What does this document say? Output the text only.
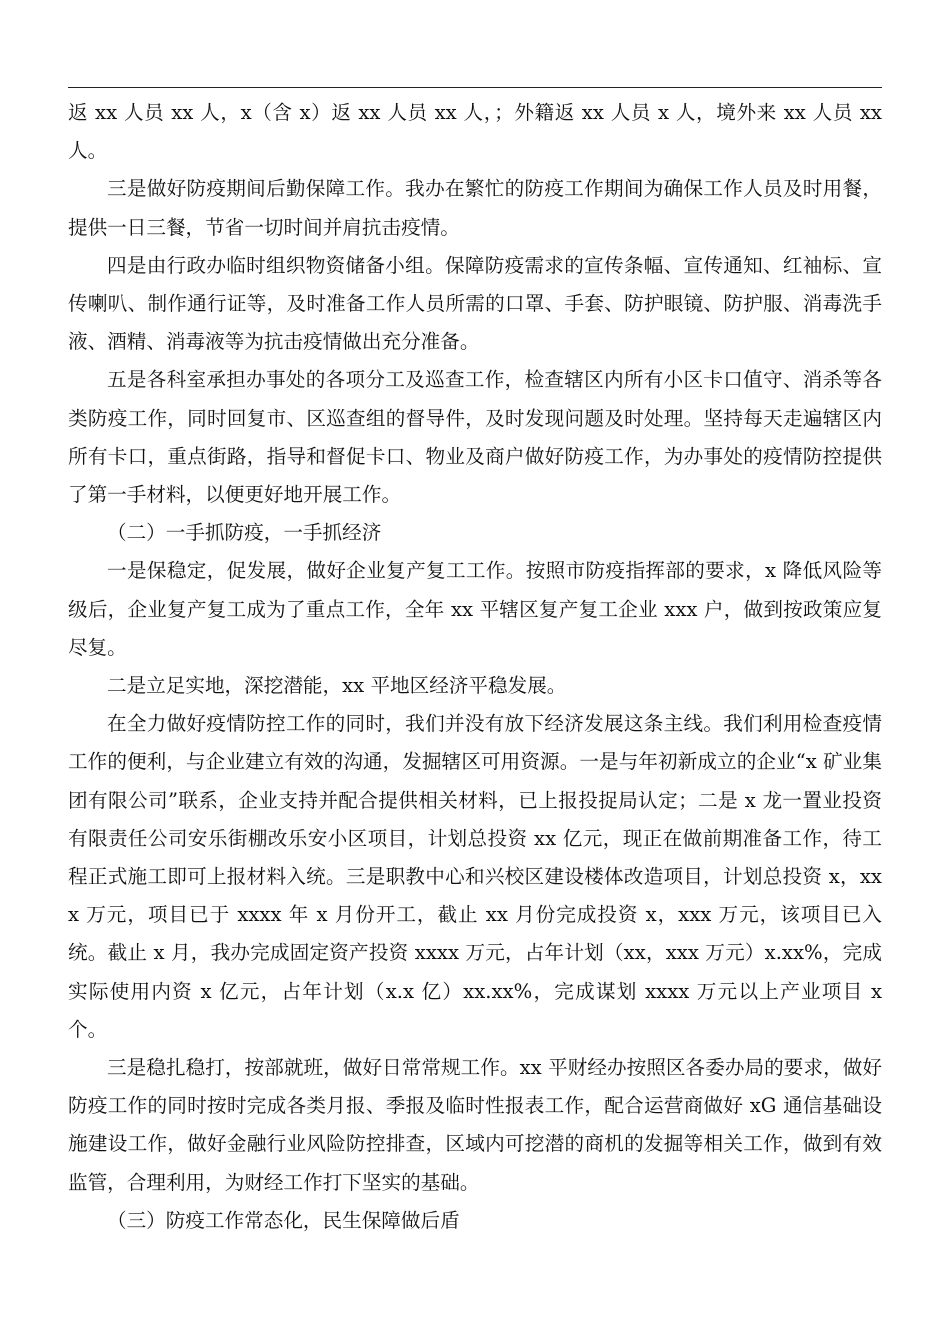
返 xx 人员 xx 人，x（含 x）返 xx 人员 xx 人，；外籍返 xx 人员 x 人，境外来 xx 人员 xx 人。

三是做好防疫期间后勤保障工作。我办在繁忙的防疫工作期间为确保工作人员及时用餐，提供一日三餐，节省一切时间并肩抗击疫情。

四是由行政办临时组织物资储备小组。保障防疫需求的宣传条幅、宣传通知、红袖标、宣传喇叭、制作通行证等，及时准备工作人员所需的口罩、手套、防护眼镜、防护服、消毒洗手液、酒精、消毒液等为抗击疫情做出充分准备。

五是各科室承担办事处的各项分工及巡查工作，检查辖区内所有小区卡口值守、消杀等各类防疫工作，同时回复市、区巡查组的督导件，及时发现问题及时处理。坚持每天走遍辖区内所有卡口，重点街路，指导和督促卡口、物业及商户做好防疫工作，为办事处的疫情防控提供了第一手材料，以便更好地开展工作。

（二）一手抓防疫，一手抓经济

一是保稳定，促发展，做好企业复产复工工作。按照市防疫指挥部的要求，x 降低风险等级后，企业复产复工成为了重点工作，全年 xx 平辖区复产复工企业 xxx 户，做到按政策应复尽复。

二是立足实地，深挖潜能，xx 平地区经济平稳发展。

在全力做好疫情防控工作的同时，我们并没有放下经济发展这条主线。我们利用检查疫情工作的便利，与企业建立有效的沟通，发掘辖区可用资源。一是与年初新成立的企业“x 矿业集团有限公司”联系，企业支持并配合提供相关材料，已上报投捉局认定；二是 x 龙一置业投资有限责任公司安乐街棚改乐安小区项目，计划总投资 xx 亿元，现正在做前期准备工作，待工程正式施工即可上报材料入统。三是职教中心和兴校区建设楼体改造项目，计划总投资 x，xxx 万元，项目已于 xxxx 年 x 月份开工，截止 xx 月份完成投资 x，xxx 万元，该项目已入统。截止 x 月，我办完成固定资产投资 xxxx 万元，占年计划（xx，xxx 万元）x.xx%，完成实际使用内资 x 亿元，占年计划（x.x 亿）xx.xx%，完成谋划 xxxx 万元以上产业项目 x 个。

三是稳扎稳打，按部就班，做好日常常规工作。xx 平财经办按照区各委办局的要求，做好防疫工作的同时按时完成各类月报、季报及临时性报表工作，配合运营商做好 xG 通信基础设施建设工作，做好金融行业风险防控排查，区域内可挖潜的商机的发掘等相关工作，做到有效监管，合理利用，为财经工作打下坚实的基础。

（三）防疫工作常态化，民生保障做后盾
